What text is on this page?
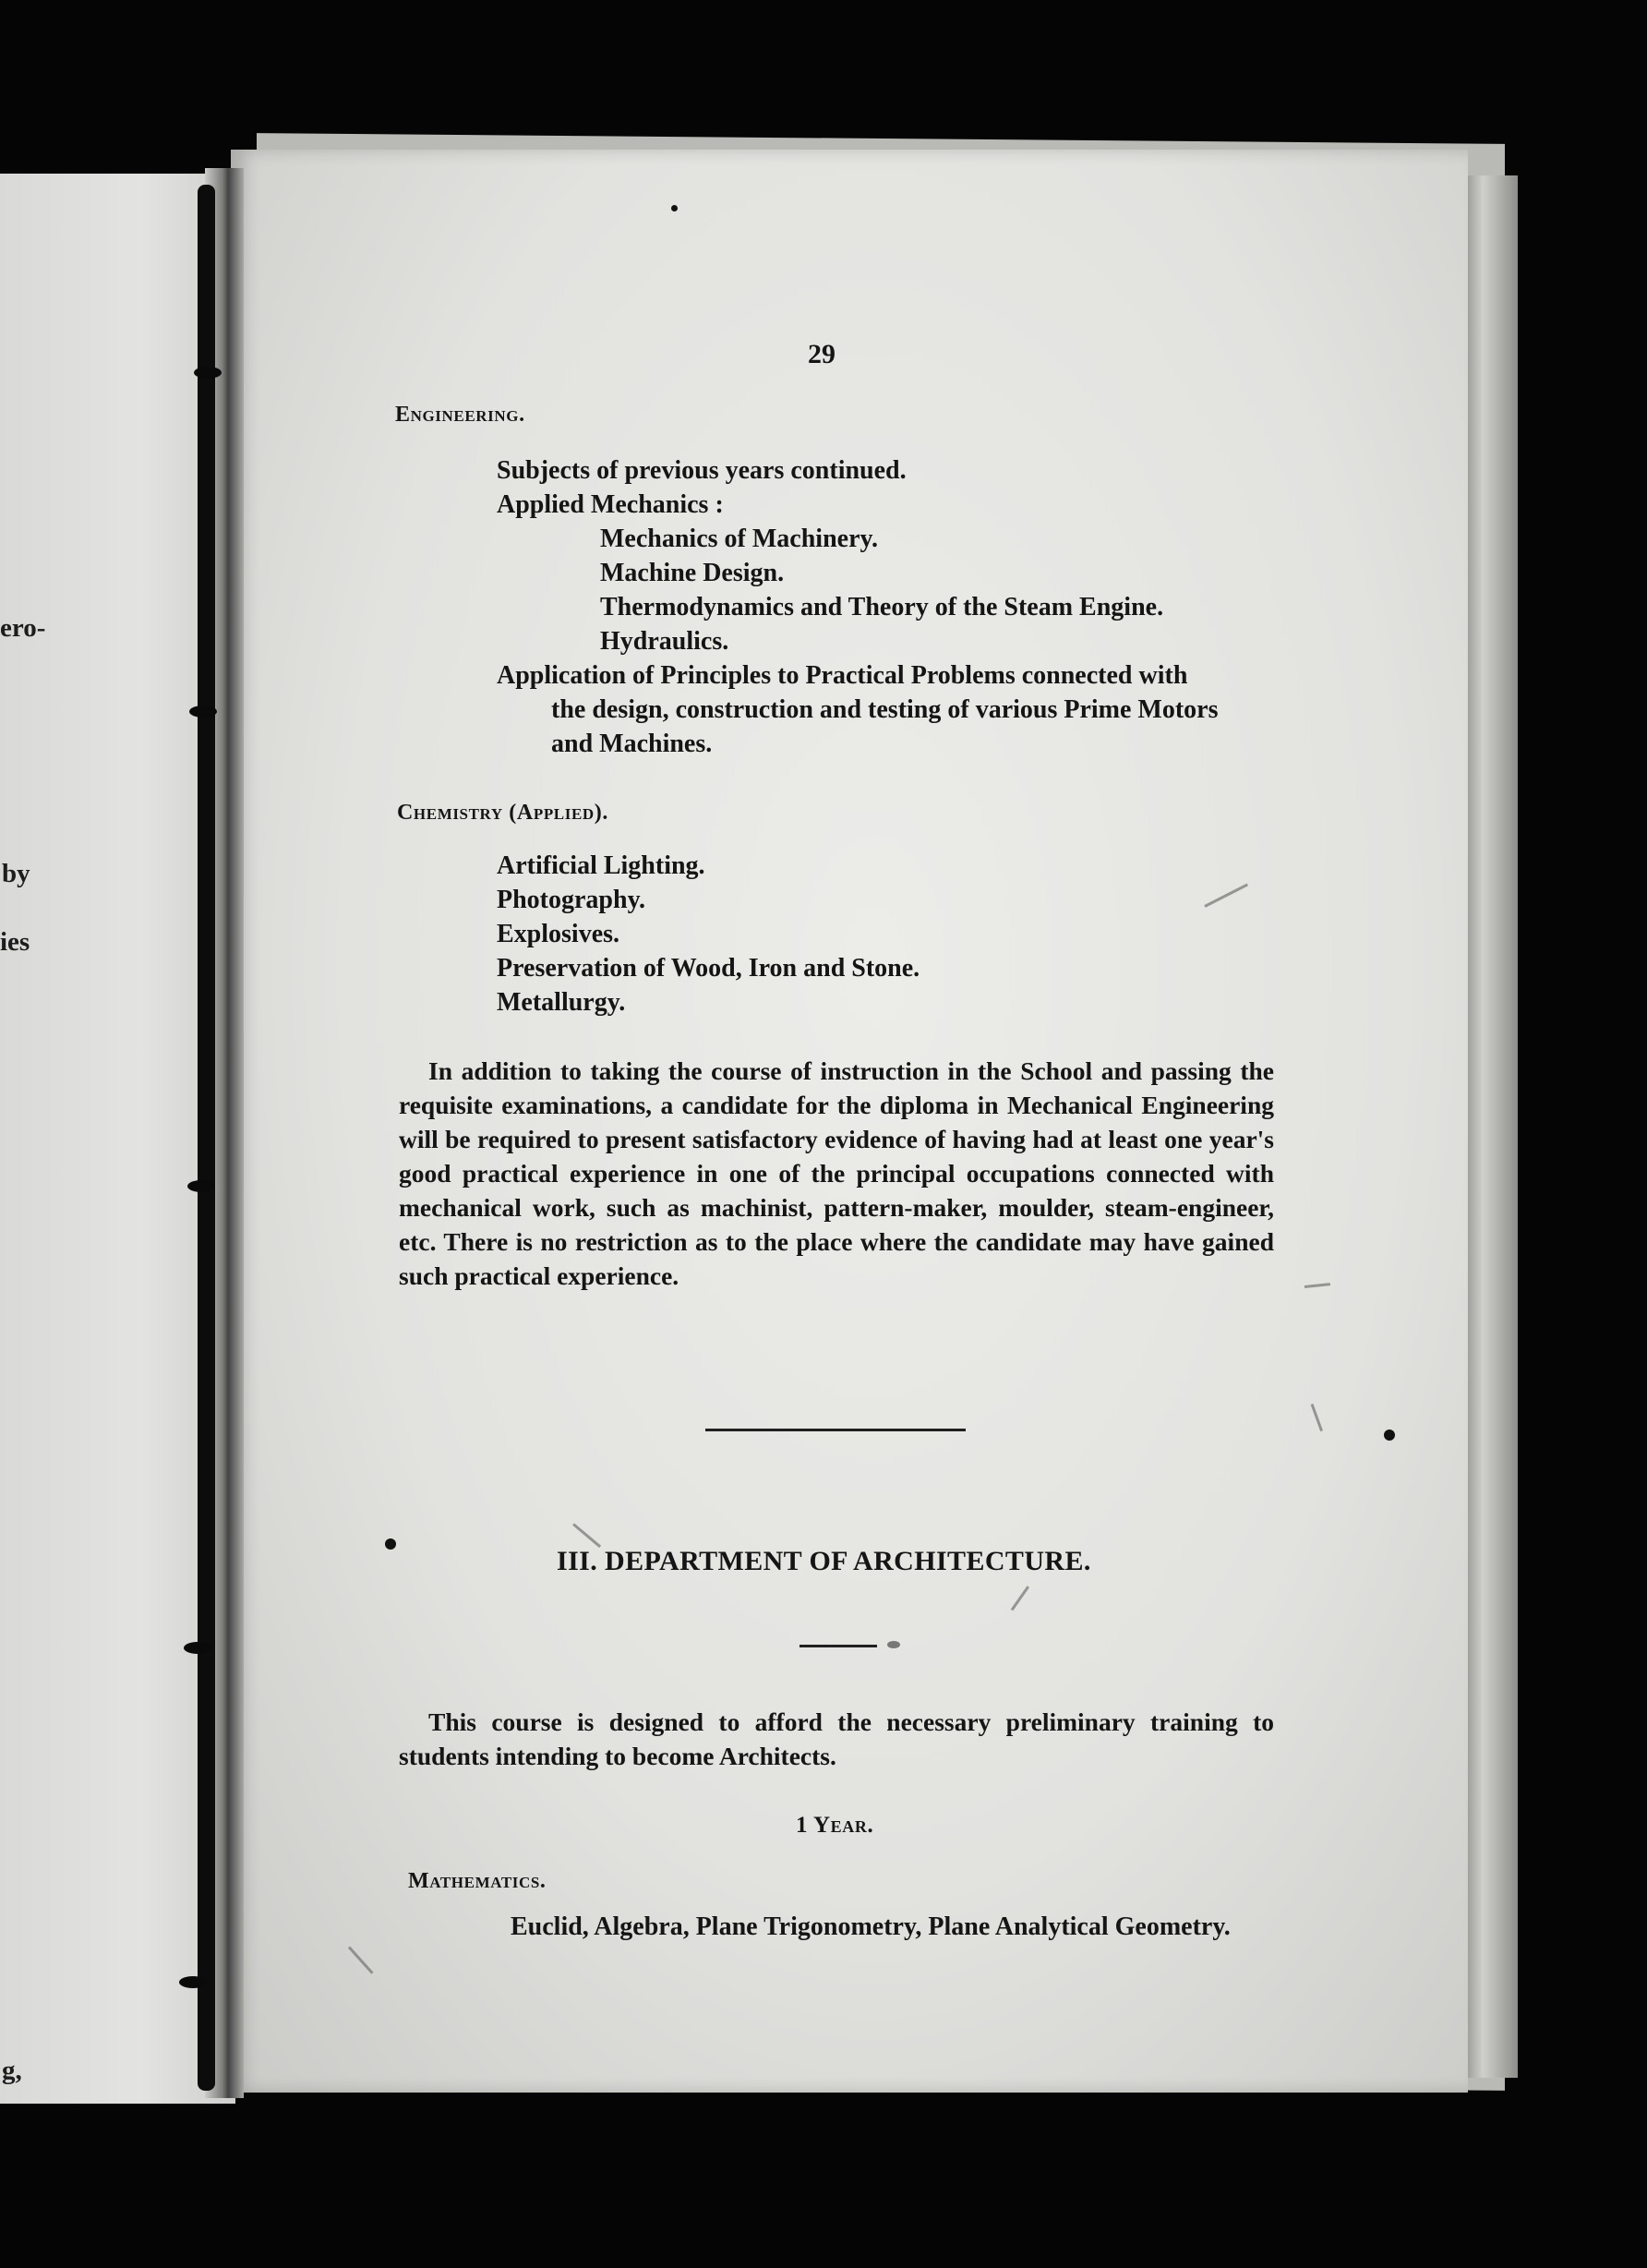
ero-
by
ies
g,

29

Engineering.

Subjects of previous years continued.

Applied Mechanics :

Mechanics of Machinery.

Machine Design.

Thermodynamics and Theory of the Steam Engine.

Hydraulics.

Application of Principles to Practical Problems connected with

the design, construction and testing of various Prime Motors

and Machines.

Chemistry (Applied).

Artificial Lighting.

Photography.

Explosives.

Preservation of Wood, Iron and Stone.

Metallurgy.

In addition to taking the course of instruction in the School and passing the requisite examinations, a candidate for the diploma in Mechanical Engineering will be required to present satisfactory evidence of having had at least one year's good practical experience in one of the principal occupations connected with mechanical work, such as machinist, pattern-maker, moulder, steam-engineer, etc. There is no restriction as to the place where the candidate may have gained such practical experience.

III. DEPARTMENT OF ARCHITECTURE.

This course is designed to afford the necessary preliminary training to students intending to become Architects.

1 Year.

Mathematics.

Euclid, Algebra, Plane Trigonometry, Plane Analytical Geometry.
